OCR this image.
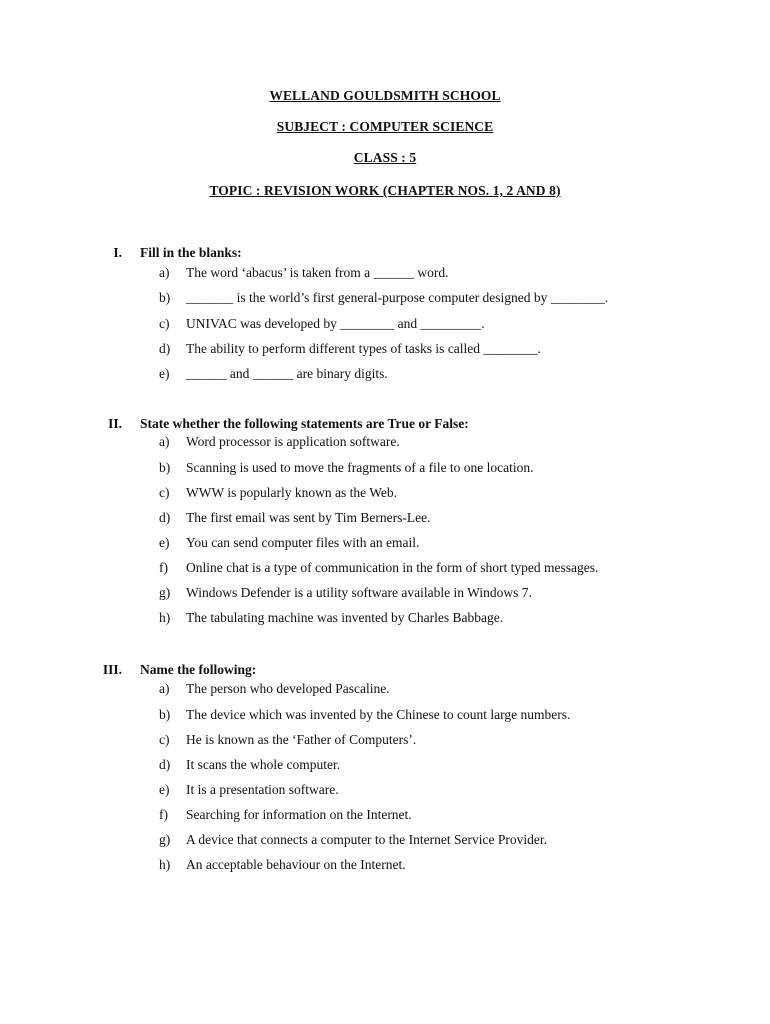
WELLAND GOULDSMITH SCHOOL
SUBJECT : COMPUTER SCIENCE
CLASS : 5
TOPIC : REVISION WORK (CHAPTER NOS. 1, 2 AND 8)
I. Fill in the blanks:
a) The word ‘abacus’ is taken from a ______ word.
b) _______ is the world’s first general-purpose computer designed by ________.
c) UNIVAC was developed by ________ and _________.
d) The ability to perform different types of tasks is called ________.
e) ______ and ______ are binary digits.
II. State whether the following statements are True or False:
a) Word processor is application software.
b) Scanning is used to move the fragments of a file to one location.
c) WWW is popularly known as the Web.
d) The first email was sent by Tim Berners-Lee.
e) You can send computer files with an email.
f) Online chat is a type of communication in the form of short typed messages.
g) Windows Defender is a utility software available in Windows 7.
h) The tabulating machine was invented by Charles Babbage.
III. Name the following:
a) The person who developed Pascaline.
b) The device which was invented by the Chinese to count large numbers.
c) He is known as the ‘Father of Computers’.
d) It scans the whole computer.
e) It is a presentation software.
f) Searching for information on the Internet.
g) A device that connects a computer to the Internet Service Provider.
h) An acceptable behaviour on the Internet.
